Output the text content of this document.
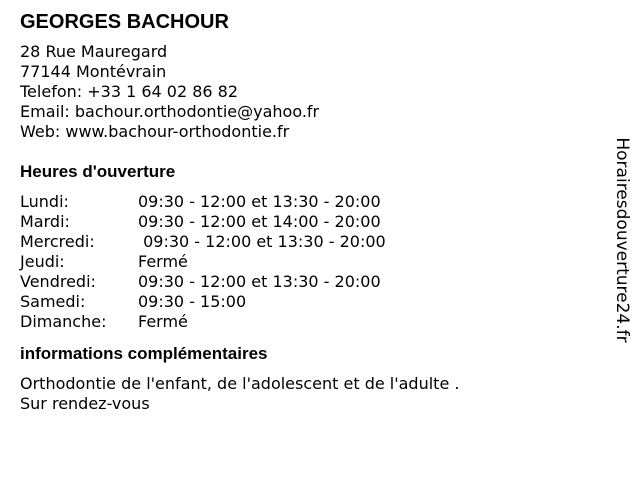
GEORGES BACHOUR
28 Rue Mauregard
77144 Montévrain
Telefon: +33 1 64 02 86 82
Email: bachour.orthodontie@yahoo.fr
Web: www.bachour-orthodontie.fr
Heures d'ouverture
Lundi:	09:30 - 12:00 et 13:30 - 20:00
Mardi:	09:30 - 12:00 et 14:00 - 20:00
Mercredi:	09:30 - 12:00 et 13:30 - 20:00
Jeudi:	Fermé
Vendredi:	09:30 - 12:00 et 13:30 - 20:00
Samedi:	09:30 - 15:00
Dimanche:	Fermé
informations complémentaires
Orthodontie de l'enfant, de l'adolescent et de l'adulte . Sur rendez-vous
Horairesdouverture24.fr
